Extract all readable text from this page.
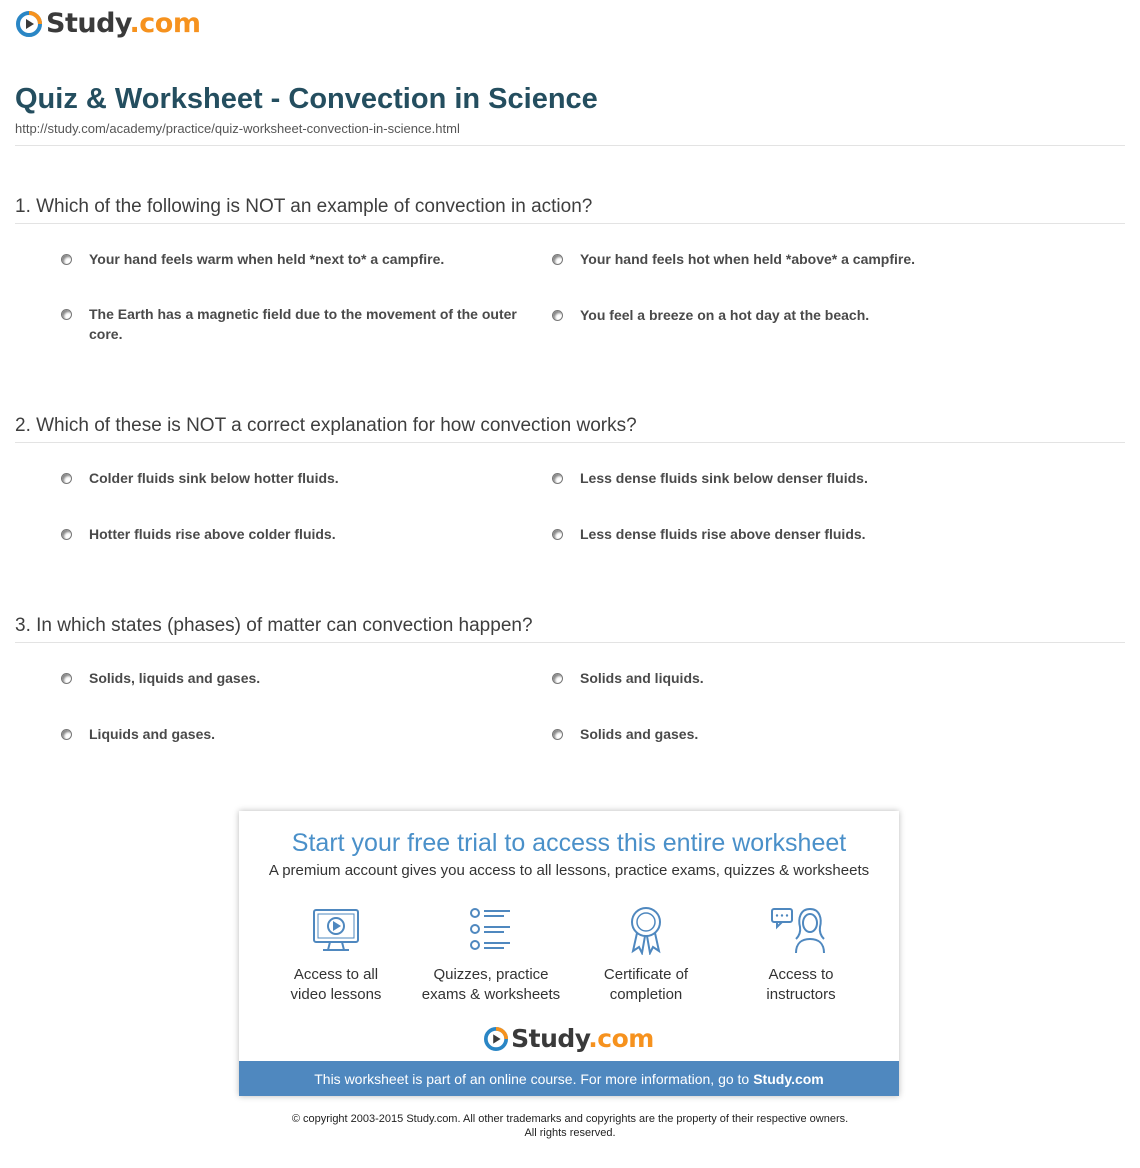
Study.com
Quiz & Worksheet - Convection in Science
http://study.com/academy/practice/quiz-worksheet-convection-in-science.html
1. Which of the following is NOT an example of convection in action?
Your hand feels warm when held *next to* a campfire.	Your hand feels hot when held *above* a campfire.
The Earth has a magnetic field due to the movement of the outer core.
You feel a breeze on a hot day at the beach.
2. Which of these is NOT a correct explanation for how convection works?
Colder fluids sink below hotter fluids.	Less dense fluids sink below denser fluids.
Hotter fluids rise above colder fluids.	Less dense fluids rise above denser fluids.
3. In which states (phases) of matter can convection happen?
Solids, liquids and gases.	Solids and liquids.
Liquids and gases.	Solids and gases.
Start your free trial to access this entire worksheet
A premium account gives you access to all lessons, practice exams, quizzes & worksheets
Access to all
video lessons
Quizzes, practice
exams & worksheets
Certificate of
completion
Access to
instructors
Study.com
This worksheet is part of an online course. For more information, go to Study.com
© copyright 2003-2015 Study.com. All other trademarks and copyrights are the property of their respective owners.
All rights reserved.
